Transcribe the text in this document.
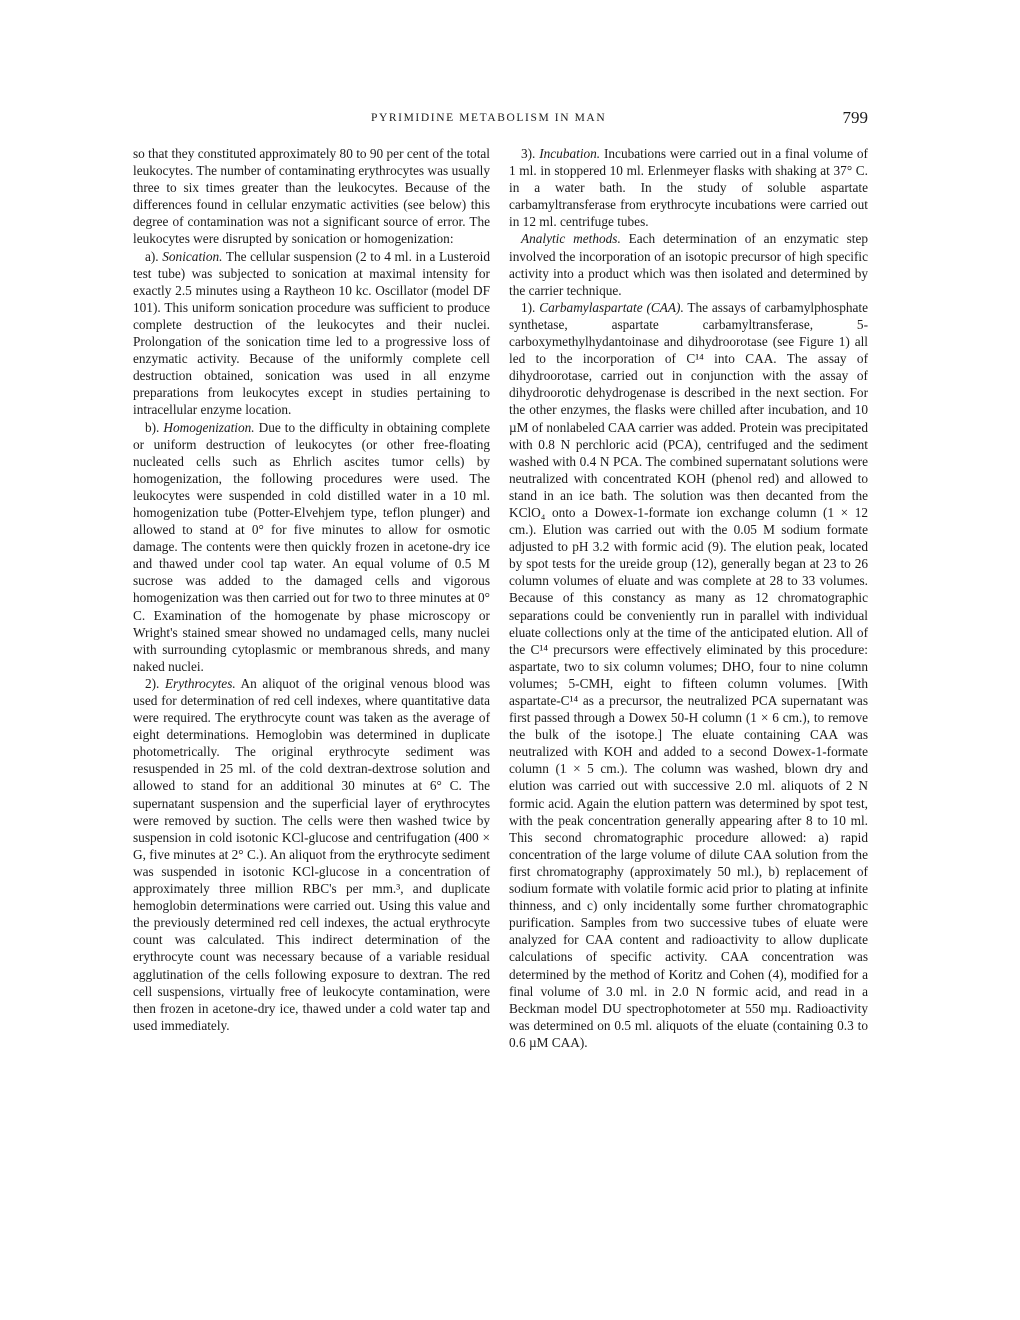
PYRIMIDINE METABOLISM IN MAN	799

so that they constituted approximately 80 to 90 per cent of the total leukocytes. The number of contaminating erythrocytes was usually three to six times greater than the leukocytes. Because of the differences found in cellular enzymatic activities (see below) this degree of contamination was not a significant source of error. The leukocytes were disrupted by sonication or homogenization:

a). Sonication. The cellular suspension (2 to 4 ml. in a Lusteroid test tube) was subjected to sonication at maximal intensity for exactly 2.5 minutes using a Raytheon 10 kc. Oscillator (model DF 101). This uniform sonication procedure was sufficient to produce complete destruction of the leukocytes and their nuclei. Prolongation of the sonication time led to a progressive loss of enzymatic activity. Because of the uniformly complete cell destruction obtained, sonication was used in all enzyme preparations from leukocytes except in studies pertaining to intracellular enzyme location.

b). Homogenization. Due to the difficulty in obtaining complete or uniform destruction of leukocytes (or other free-floating nucleated cells such as Ehrlich ascites tumor cells) by homogenization, the following procedures were used. The leukocytes were suspended in cold distilled water in a 10 ml. homogenization tube (Potter-Elvehjem type, teflon plunger) and allowed to stand at 0° for five minutes to allow for osmotic damage. The contents were then quickly frozen in acetone-dry ice and thawed under cool tap water. An equal volume of 0.5 M sucrose was added to the damaged cells and vigorous homogenization was then carried out for two to three minutes at 0° C. Examination of the homogenate by phase microscopy or Wright's stained smear showed no undamaged cells, many nuclei with surrounding cytoplasmic or membranous shreds, and many naked nuclei.

2). Erythrocytes. An aliquot of the original venous blood was used for determination of red cell indexes, where quantitative data were required. The erythrocyte count was taken as the average of eight determinations. Hemoglobin was determined in duplicate photometrically. The original erythrocyte sediment was resuspended in 25 ml. of the cold dextran-dextrose solution and allowed to stand for an additional 30 minutes at 6° C. The supernatant suspension and the superficial layer of erythrocytes were removed by suction. The cells were then washed twice by suspension in cold isotonic KCl-glucose and centrifugation (400 × G, five minutes at 2° C.). An aliquot from the erythrocyte sediment was suspended in isotonic KCl-glucose in a concentration of approximately three million RBC's per mm.³, and duplicate hemoglobin determinations were carried out. Using this value and the previously determined red cell indexes, the actual erythrocyte count was calculated. This indirect determination of the erythrocyte count was necessary because of a variable residual agglutination of the cells following exposure to dextran. The red cell suspensions, virtually free of leukocyte contamination, were then frozen in acetone-dry ice, thawed under a cold water tap and used immediately.

3). Incubation. Incubations were carried out in a final volume of 1 ml. in stoppered 10 ml. Erlenmeyer flasks with shaking at 37° C. in a water bath. In the study of soluble aspartate carbamyltransferase from erythrocyte incubations were carried out in 12 ml. centrifuge tubes.

Analytic methods. Each determination of an enzymatic step involved the incorporation of an isotopic precursor of high specific activity into a product which was then isolated and determined by the carrier technique.

1). Carbamylaspartate (CAA). The assays of carbamylphosphate synthetase, aspartate carbamyltransferase, 5-carboxymethylhydantoinase and dihydroorotase (see Figure 1) all led to the incorporation of C¹⁴ into CAA. The assay of dihydroorotase, carried out in conjunction with the assay of dihydroorotic dehydrogenase is described in the next section. For the other enzymes, the flasks were chilled after incubation, and 10 µM of nonlabeled CAA carrier was added. Protein was precipitated with 0.8 N perchloric acid (PCA), centrifuged and the sediment washed with 0.4 N PCA. The combined supernatant solutions were neutralized with concentrated KOH (phenol red) and allowed to stand in an ice bath. The solution was then decanted from the KClO₄ onto a Dowex-1-formate ion exchange column (1 × 12 cm.). Elution was carried out with the 0.05 M sodium formate adjusted to pH 3.2 with formic acid (9). The elution peak, located by spot tests for the ureide group (12), generally began at 23 to 26 column volumes of eluate and was complete at 28 to 33 volumes. Because of this constancy as many as 12 chromatographic separations could be conveniently run in parallel with individual eluate collections only at the time of the anticipated elution. All of the C¹⁴ precursors were effectively eliminated by this procedure: aspartate, two to six column volumes; DHO, four to nine column volumes; 5-CMH, eight to fifteen column volumes. [With aspartate-C¹⁴ as a precursor, the neutralized PCA supernatant was first passed through a Dowex 50-H column (1 × 6 cm.), to remove the bulk of the isotope.] The eluate containing CAA was neutralized with KOH and added to a second Dowex-1-formate column (1 × 5 cm.). The column was washed, blown dry and elution was carried out with successive 2.0 ml. aliquots of 2 N formic acid. Again the elution pattern was determined by spot test, with the peak concentration generally appearing after 8 to 10 ml. This second chromatographic procedure allowed: a) rapid concentration of the large volume of dilute CAA solution from the first chromatography (approximately 50 ml.), b) replacement of sodium formate with volatile formic acid prior to plating at infinite thinness, and c) only incidentally some further chromatographic purification. Samples from two successive tubes of eluate were analyzed for CAA content and radioactivity to allow duplicate calculations of specific activity. CAA concentration was determined by the method of Koritz and Cohen (4), modified for a final volume of 3.0 ml. in 2.0 N formic acid, and read in a Beckman model DU spectrophotometer at 550 mµ. Radioactivity was determined on 0.5 ml. aliquots of the eluate (containing 0.3 to 0.6 µM CAA).
